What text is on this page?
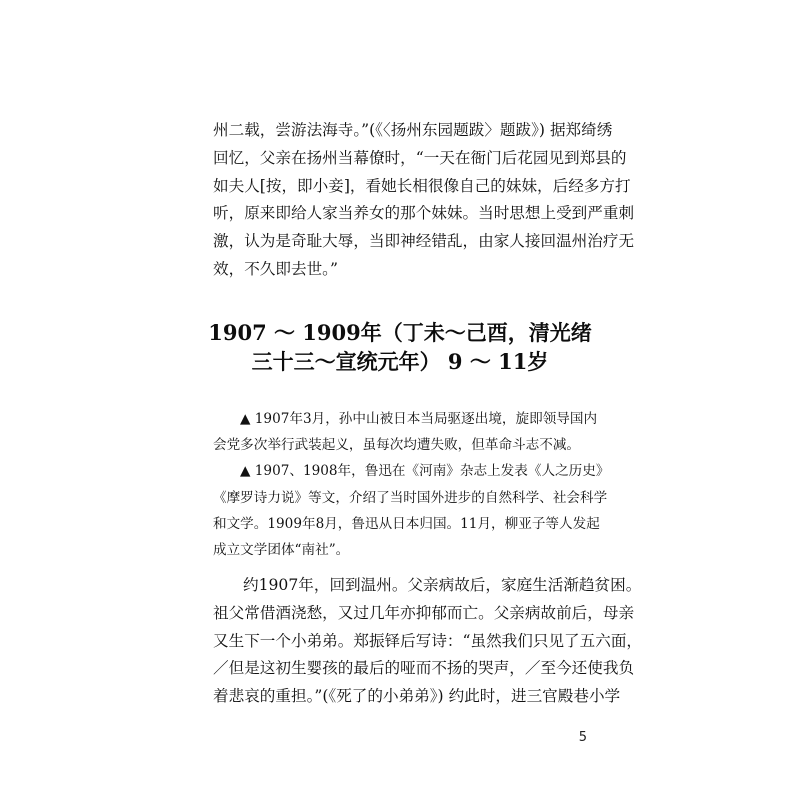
州二载，尝游法海寺。”(《〈扬州东园题跋〉题跋》) 据郑绮绣
回忆，父亲在扬州当幕僚时，“一天在衙门后花园见到郑县的
如夫人[按，即小妾]，看她长相很像自己的妹妹，后经多方打
听，原来即给人家当养女的那个妹妹。当时思想上受到严重刺
激，认为是奇耻大辱，当即神经错乱，由家人接回温州治疗无
效，不久即去世。”
1907 ～ 1909年（丁未～己酉，清光绪
三十三～宣统元年） 9 ～ 11岁
▲ 1907年3月，孙中山被日本当局驱逐出境，旋即领导国内
会党多次举行武装起义，虽每次均遭失败，但革命斗志不减。
▲ 1907、1908年，鲁迅在《河南》杂志上发表《人之历史》
《摩罗诗力说》等文，介绍了当时国外进步的自然科学、社会科学
和文学。1909年8月，鲁迅从日本归国。11月，柳亚子等人发起
成立文学团体“南社”。
约1907年，回到温州。父亲病故后，家庭生活渐趋贫困。
祖父常借酒浇愁，又过几年亦抑郁而亡。父亲病故前后，母亲
又生下一个小弟弟。郑振铎后写诗：“虽然我们只见了五六面，
／但是这初生婴孩的最后的哑而不扬的哭声，／至今还使我负
着悲哀的重担。”(《死了的小弟弟》) 约此时，进三官殿巷小学
5
